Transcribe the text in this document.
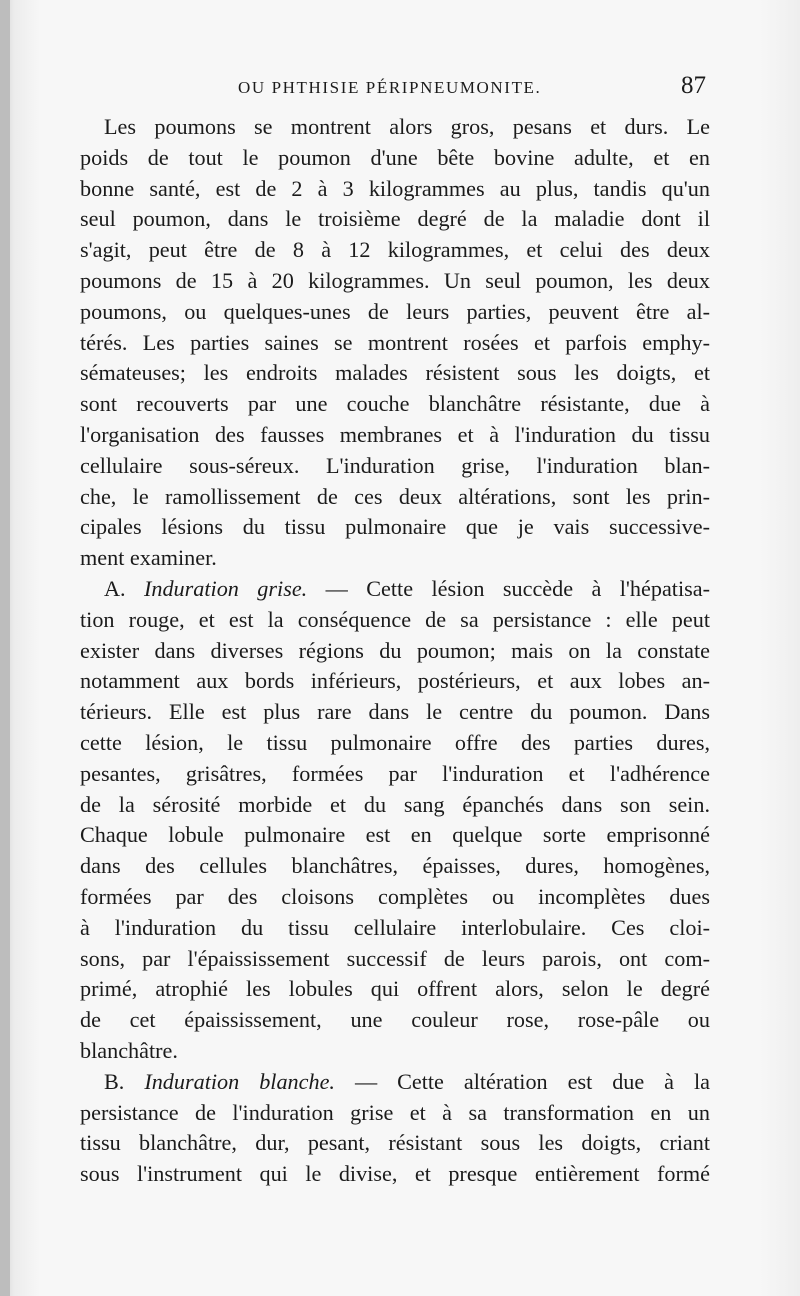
OU PHTHISIE PÉRIPNEUMONITE.	87
Les poumons se montrent alors gros, pesans et durs. Le
poids de tout le poumon d'une bête bovine adulte, et en
bonne santé, est de 2 à 3 kilogrammes au plus, tandis qu'un
seul poumon, dans le troisième degré de la maladie dont il
s'agit, peut être de 8 à 12 kilogrammes, et celui des deux
poumons de 15 à 20 kilogrammes. Un seul poumon, les deux
poumons, ou quelques-unes de leurs parties, peuvent être al-
térés. Les parties saines se montrent rosées et parfois emphy-
sémateuses; les endroits malades résistent sous les doigts, et
sont recouverts par une couche blanchâtre résistante, due à
l'organisation des fausses membranes et à l'induration du tissu
cellulaire sous-séreux. L'induration grise, l'induration blan-
che, le ramollissement de ces deux altérations, sont les prin-
cipales lésions du tissu pulmonaire que je vais successive-
ment examiner.
A. Induration grise. — Cette lésion succède à l'hépatisa-
tion rouge, et est la conséquence de sa persistance : elle peut
exister dans diverses régions du poumon; mais on la constate
notamment aux bords inférieurs, postérieurs, et aux lobes an-
térieurs. Elle est plus rare dans le centre du poumon. Dans
cette lésion, le tissu pulmonaire offre des parties dures,
pesantes, grisâtres, formées par l'induration et l'adhérence
de la sérosité morbide et du sang épanchés dans son sein.
Chaque lobule pulmonaire est en quelque sorte emprisonné
dans des cellules blanchâtres, épaisses, dures, homogènes,
formées par des cloisons complètes ou incomplètes dues
à l'induration du tissu cellulaire interlobulaire. Ces cloi-
sons, par l'épaississement successif de leurs parois, ont com-
primé, atrophié les lobules qui offrent alors, selon le degré
de cet épaississement, une couleur rose, rose-pâle ou
blanchâtre.
B. Induration blanche. — Cette altération est due à la
persistance de l'induration grise et à sa transformation en un
tissu blanchâtre, dur, pesant, résistant sous les doigts, criant
sous l'instrument qui le divise, et presque entièrement formé
